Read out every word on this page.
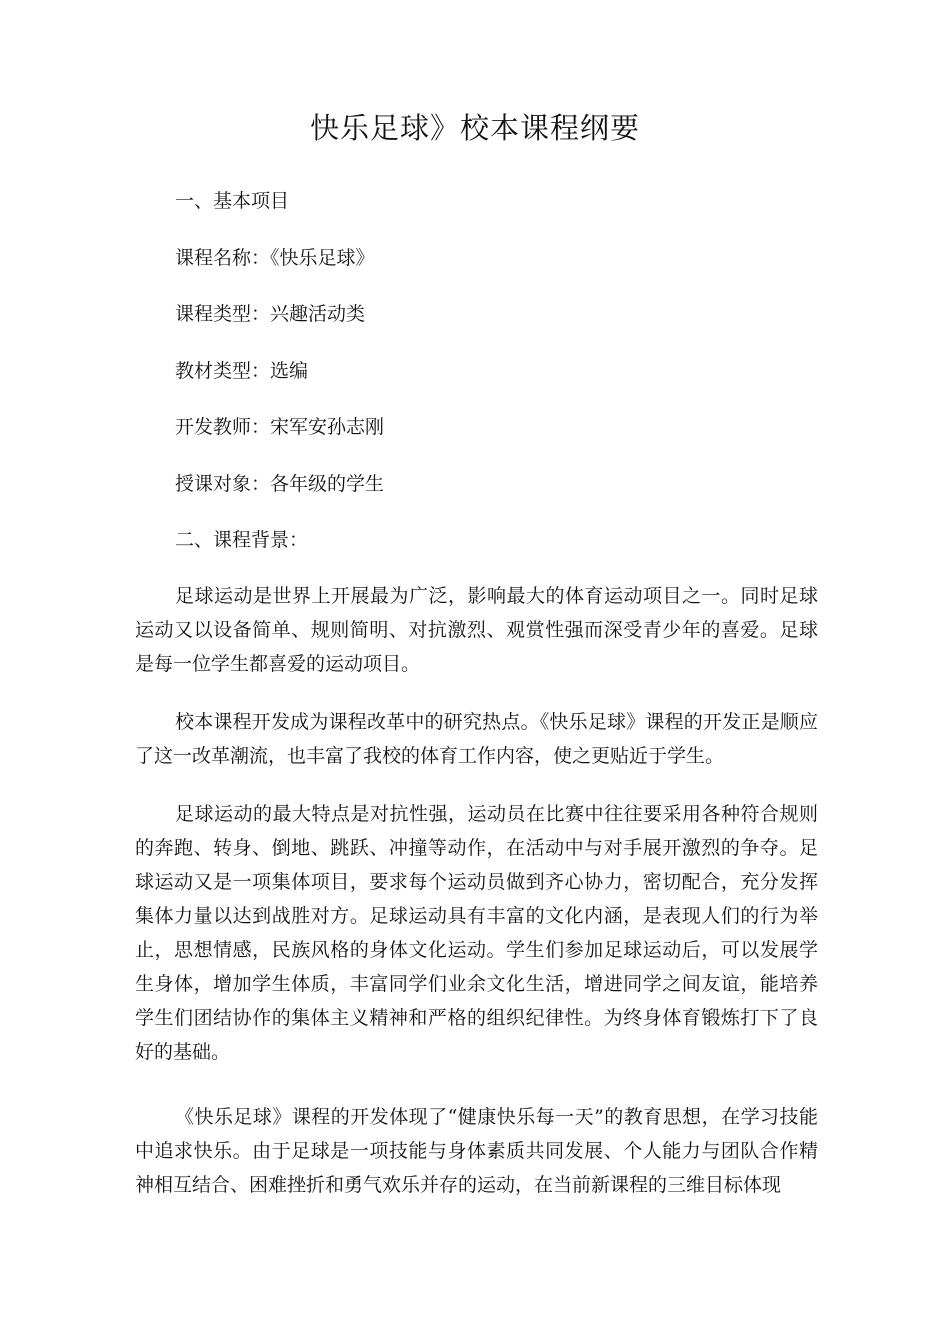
快乐足球》校本课程纲要

一、基本项目

课程名称：《快乐足球》

课程类型：兴趣活动类

教材类型：选编

开发教师：宋军安孙志刚

授课对象：各年级的学生

二、课程背景：

足球运动是世界上开展最为广泛，影响最大的体育运动项目之一。同时足球运动又以设备简单、规则简明、对抗激烈、观赏性强而深受青少年的喜爱。足球是每一位学生都喜爱的运动项目。

校本课程开发成为课程改革中的研究热点。《快乐足球》课程的开发正是顺应了这一改革潮流，也丰富了我校的体育工作内容，使之更贴近于学生。

足球运动的最大特点是对抗性强，运动员在比赛中往往要采用各种符合规则的奔跑、转身、倒地、跳跃、冲撞等动作，在活动中与对手展开激烈的争夺。足球运动又是一项集体项目，要求每个运动员做到齐心协力，密切配合，充分发挥集体力量以达到战胜对方。足球运动具有丰富的文化内涵，是表现人们的行为举止，思想情感，民族风格的身体文化运动。学生们参加足球运动后，可以发展学生身体，增加学生体质，丰富同学们业余文化生活，增进同学之间友谊，能培养学生们团结协作的集体主义精神和严格的组织纪律性。为终身体育锻炼打下了良好的基础。

《快乐足球》课程的开发体现了“健康快乐每一天”的教育思想，在学习技能中追求快乐。由于足球是一项技能与身体素质共同发展、个人能力与团队合作精神相互结合、困难挫折和勇气欢乐并存的运动，在当前新课程的三维目标体现
